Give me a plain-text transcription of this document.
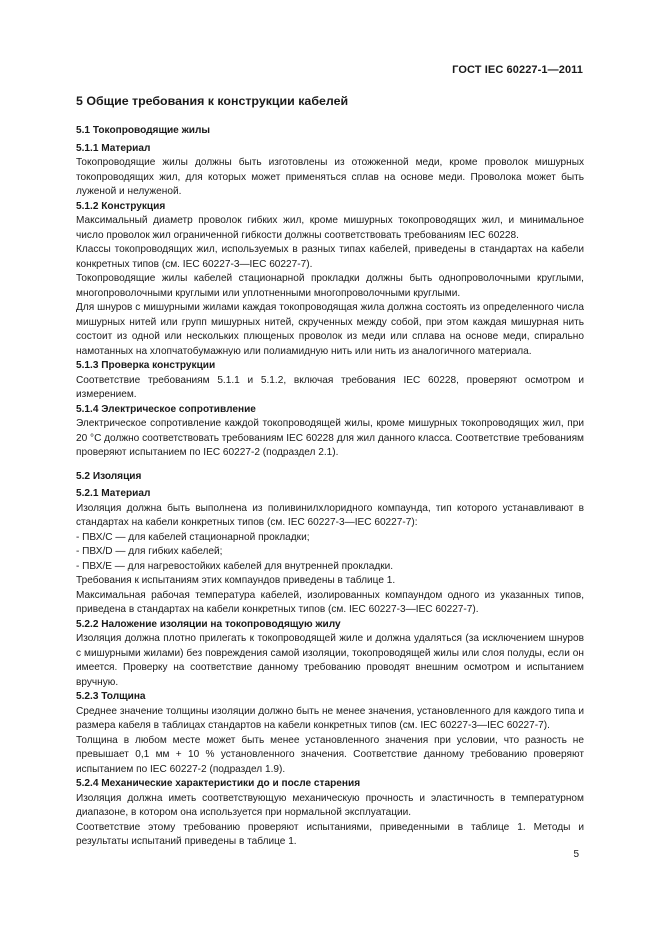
ГОСТ IEC 60227-1—2011
5 Общие требования к конструкции кабелей
5.1 Токопроводящие жилы
5.1.1 Материал

Токопроводящие жилы должны быть изготовлены из отожженной меди, кроме проволок мишурных токопроводящих жил, для которых может применяться сплав на основе меди. Проволока может быть луженой и нелуженой.

5.1.2 Конструкция

Максимальный диаметр проволок гибких жил, кроме мишурных токопроводящих жил, и минимальное число проволок жил ограниченной гибкости должны соответствовать требованиям IEC 60228.

Классы токопроводящих жил, используемых в разных типах кабелей, приведены в стандартах на кабели конкретных типов (см. IEC 60227-3—IEC 60227-7).

Токопроводящие жилы кабелей стационарной прокладки должны быть однопроволочными круглыми, многопроволочными круглыми или уплотненными многопроволочными круглыми.

Для шнуров с мишурными жилами каждая токопроводящая жила должна состоять из определенного числа мишурных нитей или групп мишурных нитей, скрученных между собой, при этом каждая мишурная нить состоит из одной или нескольких плющеных проволок из меди или сплава на основе меди, спирально намотанных на хлопчатобумажную или полиамидную нить или нить из аналогичного материала.

5.1.3 Проверка конструкции

Соответствие требованиям 5.1.1 и 5.1.2, включая требования IEC 60228, проверяют осмотром и измерением.

5.1.4 Электрическое сопротивление

Электрическое сопротивление каждой токопроводящей жилы, кроме мишурных токопроводящих жил, при 20 °С должно соответствовать требованиям IEC 60228 для жил данного класса. Соответствие требованиям проверяют испытанием по IEC 60227-2 (подраздел 2.1).

5.2 Изоляция
5.2.1 Материал

Изоляция должна быть выполнена из поливинилхлоридного компаунда, тип которого устанавливают в стандартах на кабели конкретных типов (см. IEC 60227-3—IEC 60227-7):

- ПВХ/С — для кабелей стационарной прокладки;
- ПВХ/D — для гибких кабелей;
- ПВХ/Е — для нагревостойких кабелей для внутренней прокладки.

Требования к испытаниям этих компаундов приведены в таблице 1.

Максимальная рабочая температура кабелей, изолированных компаундом одного из указанных типов, приведена в стандартах на кабели конкретных типов (см. IEC 60227-3—IEC 60227-7).

5.2.2 Наложение изоляции на токопроводящую жилу

Изоляция должна плотно прилегать к токопроводящей жиле и должна удаляться (за исключением шнуров с мишурными жилами) без повреждения самой изоляции, токопроводящей жилы или слоя полуды, если он имеется. Проверку на соответствие данному требованию проводят внешним осмотром и испытанием вручную.

5.2.3 Толщина

Среднее значение толщины изоляции должно быть не менее значения, установленного для каждого типа и размера кабеля в таблицах стандартов на кабели конкретных типов (см. IEC 60227-3—IEC 60227-7).

Толщина в любом месте может быть менее установленного значения при условии, что разность не превышает 0,1 мм + 10 % установленного значения. Соответствие данному требованию проверяют испытанием по IEC 60227-2 (подраздел 1.9).

5.2.4 Механические характеристики до и после старения

Изоляция должна иметь соответствующую механическую прочность и эластичность в температурном диапазоне, в котором она используется при нормальной эксплуатации.

Соответствие этому требованию проверяют испытаниями, приведенными в таблице 1. Методы и результаты испытаний приведены в таблице 1.

5
